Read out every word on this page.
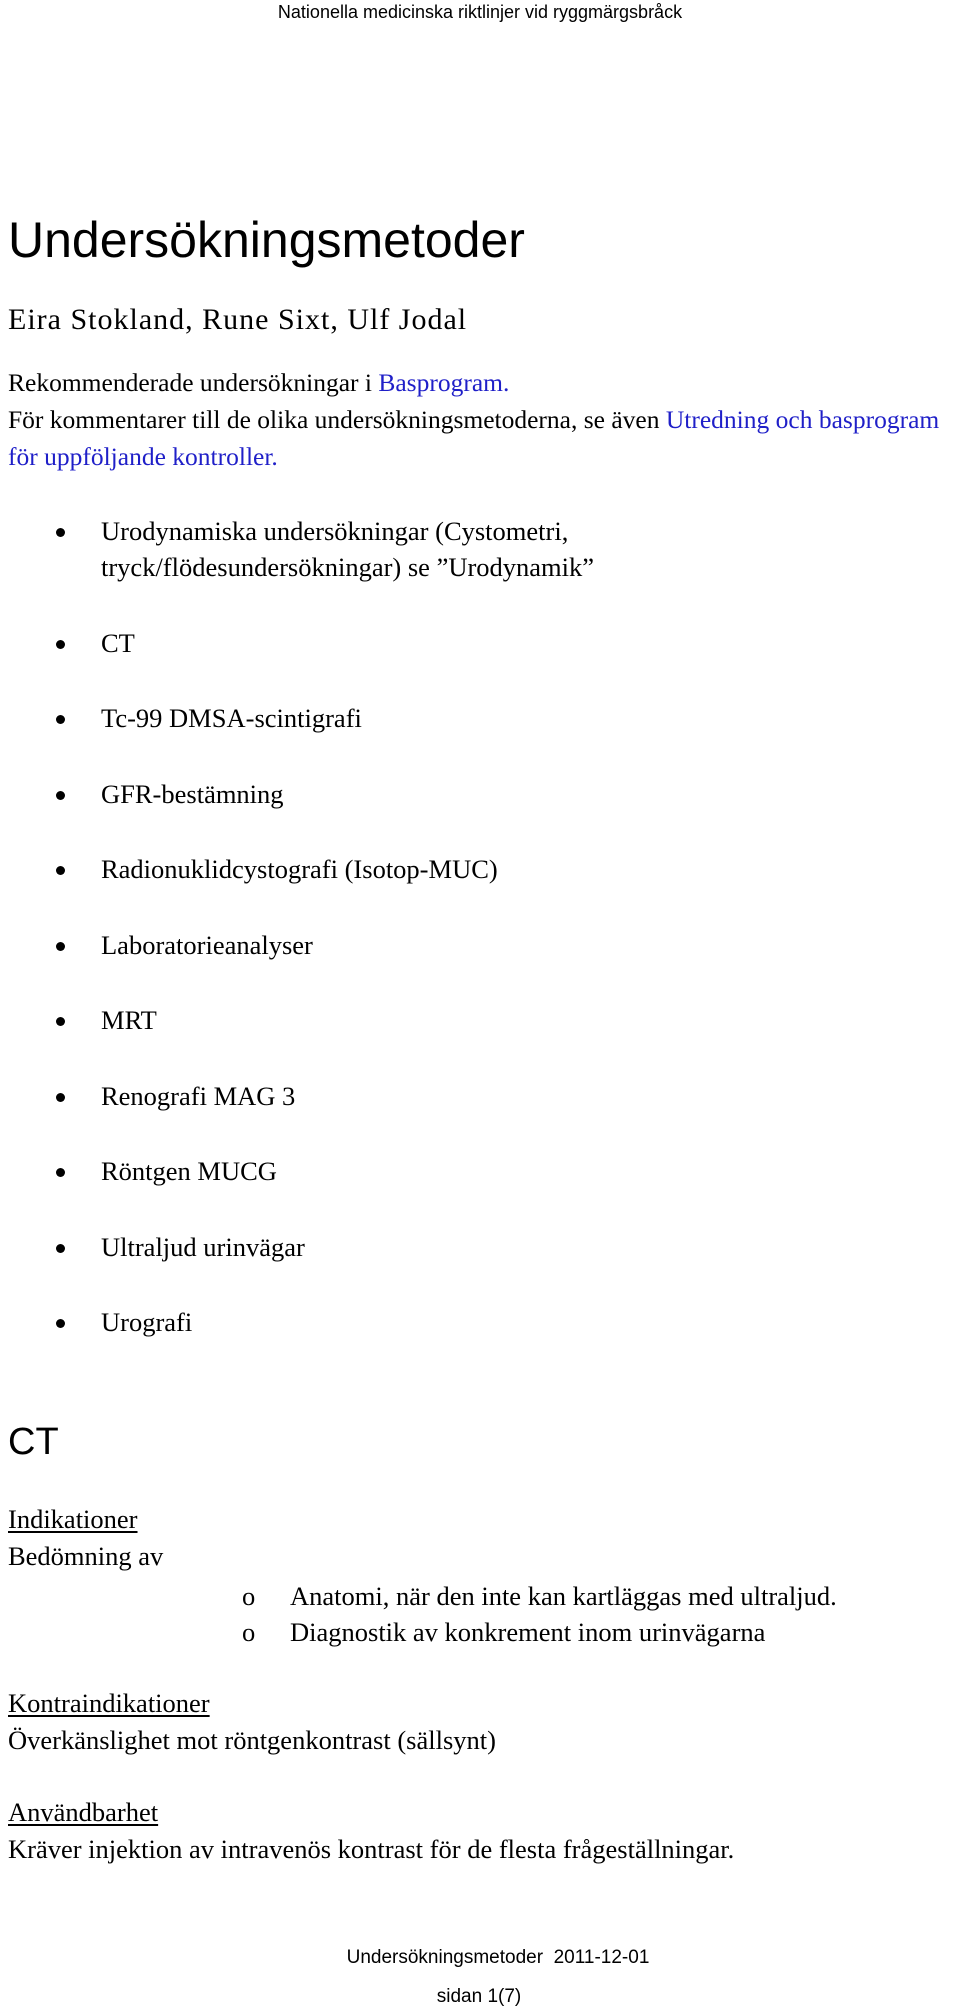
Nationella medicinska riktlinjer vid ryggmärgsbråck
Undersökningsmetoder
Eira Stokland, Rune Sixt, Ulf Jodal
Rekommenderade undersökningar i Basprogram.
För kommentarer till de olika undersökningsmetoderna, se även Utredning och basprogram för uppföljande kontroller.
Urodynamiska undersökningar (Cystometri,
tryck/flödesundersökningar) se ”Urodynamik”
CT
Tc-99 DMSA-scintigrafi
GFR-bestämning
Radionuklidcystografi (Isotop-MUC)
Laboratorieanalyser
MRT
Renografi MAG 3
Röntgen MUCG
Ultraljud urinvägar
Urografi
CT
Indikationer
Bedömning av
o Anatomi, när den inte kan kartläggas med ultraljud.
o Diagnostik av konkrement inom urinvägarna
Kontraindikationer
Överkänslighet mot röntgenkontrast (sällsynt)
Användbarhet
Kräver injektion av intravenös kontrast för de flesta frågeställningar.
Undersökningsmetoder 2011-12-01
sidan 1(7)
